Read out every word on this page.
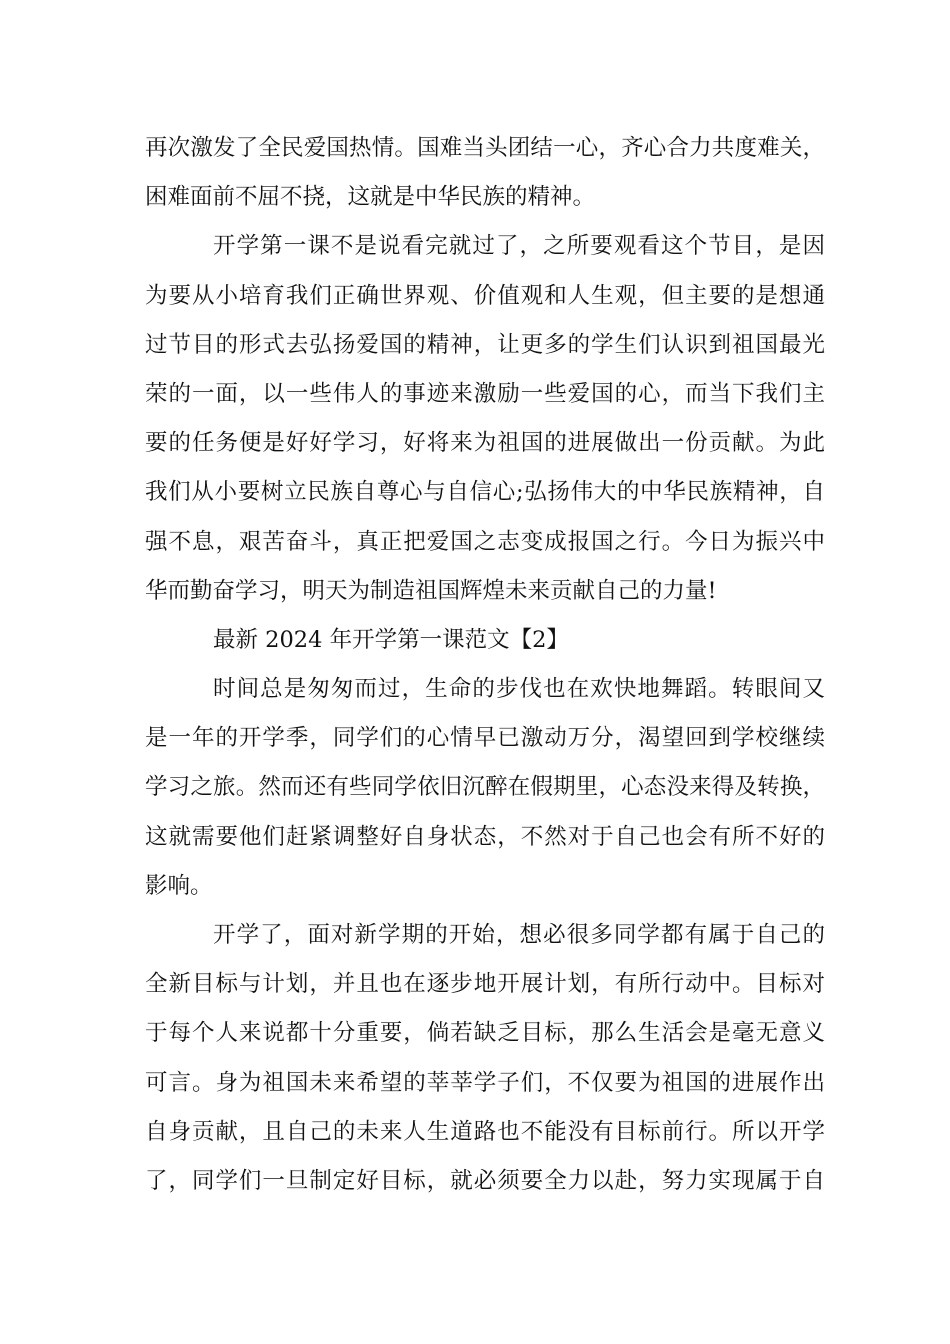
再次激发了全民爱国热情。国难当头团结一心，齐心合力共度难关，
困难面前不屈不挠，这就是中华民族的精神。
开学第一课不是说看完就过了，之所要观看这个节目，是因
为要从小培育我们正确世界观、价值观和人生观，但主要的是想通
过节目的形式去弘扬爱国的精神，让更多的学生们认识到祖国最光
荣的一面，以一些伟人的事迹来激励一些爱国的心，而当下我们主
要的任务便是好好学习，好将来为祖国的进展做出一份贡献。为此
我们从小要树立民族自尊心与自信心;弘扬伟大的中华民族精神，自
强不息，艰苦奋斗，真正把爱国之志变成报国之行。今日为振兴中
华而勤奋学习，明天为制造祖国辉煌未来贡献自己的力量!
最新 2024 年开学第一课范文【2】
时间总是匆匆而过，生命的步伐也在欢快地舞蹈。转眼间又
是一年的开学季，同学们的心情早已激动万分，渴望回到学校继续
学习之旅。然而还有些同学依旧沉醉在假期里，心态没来得及转换，
这就需要他们赶紧调整好自身状态，不然对于自己也会有所不好的
影响。
开学了，面对新学期的开始，想必很多同学都有属于自己的
全新目标与计划，并且也在逐步地开展计划，有所行动中。目标对
于每个人来说都十分重要，倘若缺乏目标，那么生活会是毫无意义
可言。身为祖国未来希望的莘莘学子们，不仅要为祖国的进展作出
自身贡献，且自己的未来人生道路也不能没有目标前行。所以开学
了，同学们一旦制定好目标，就必须要全力以赴，努力实现属于自
